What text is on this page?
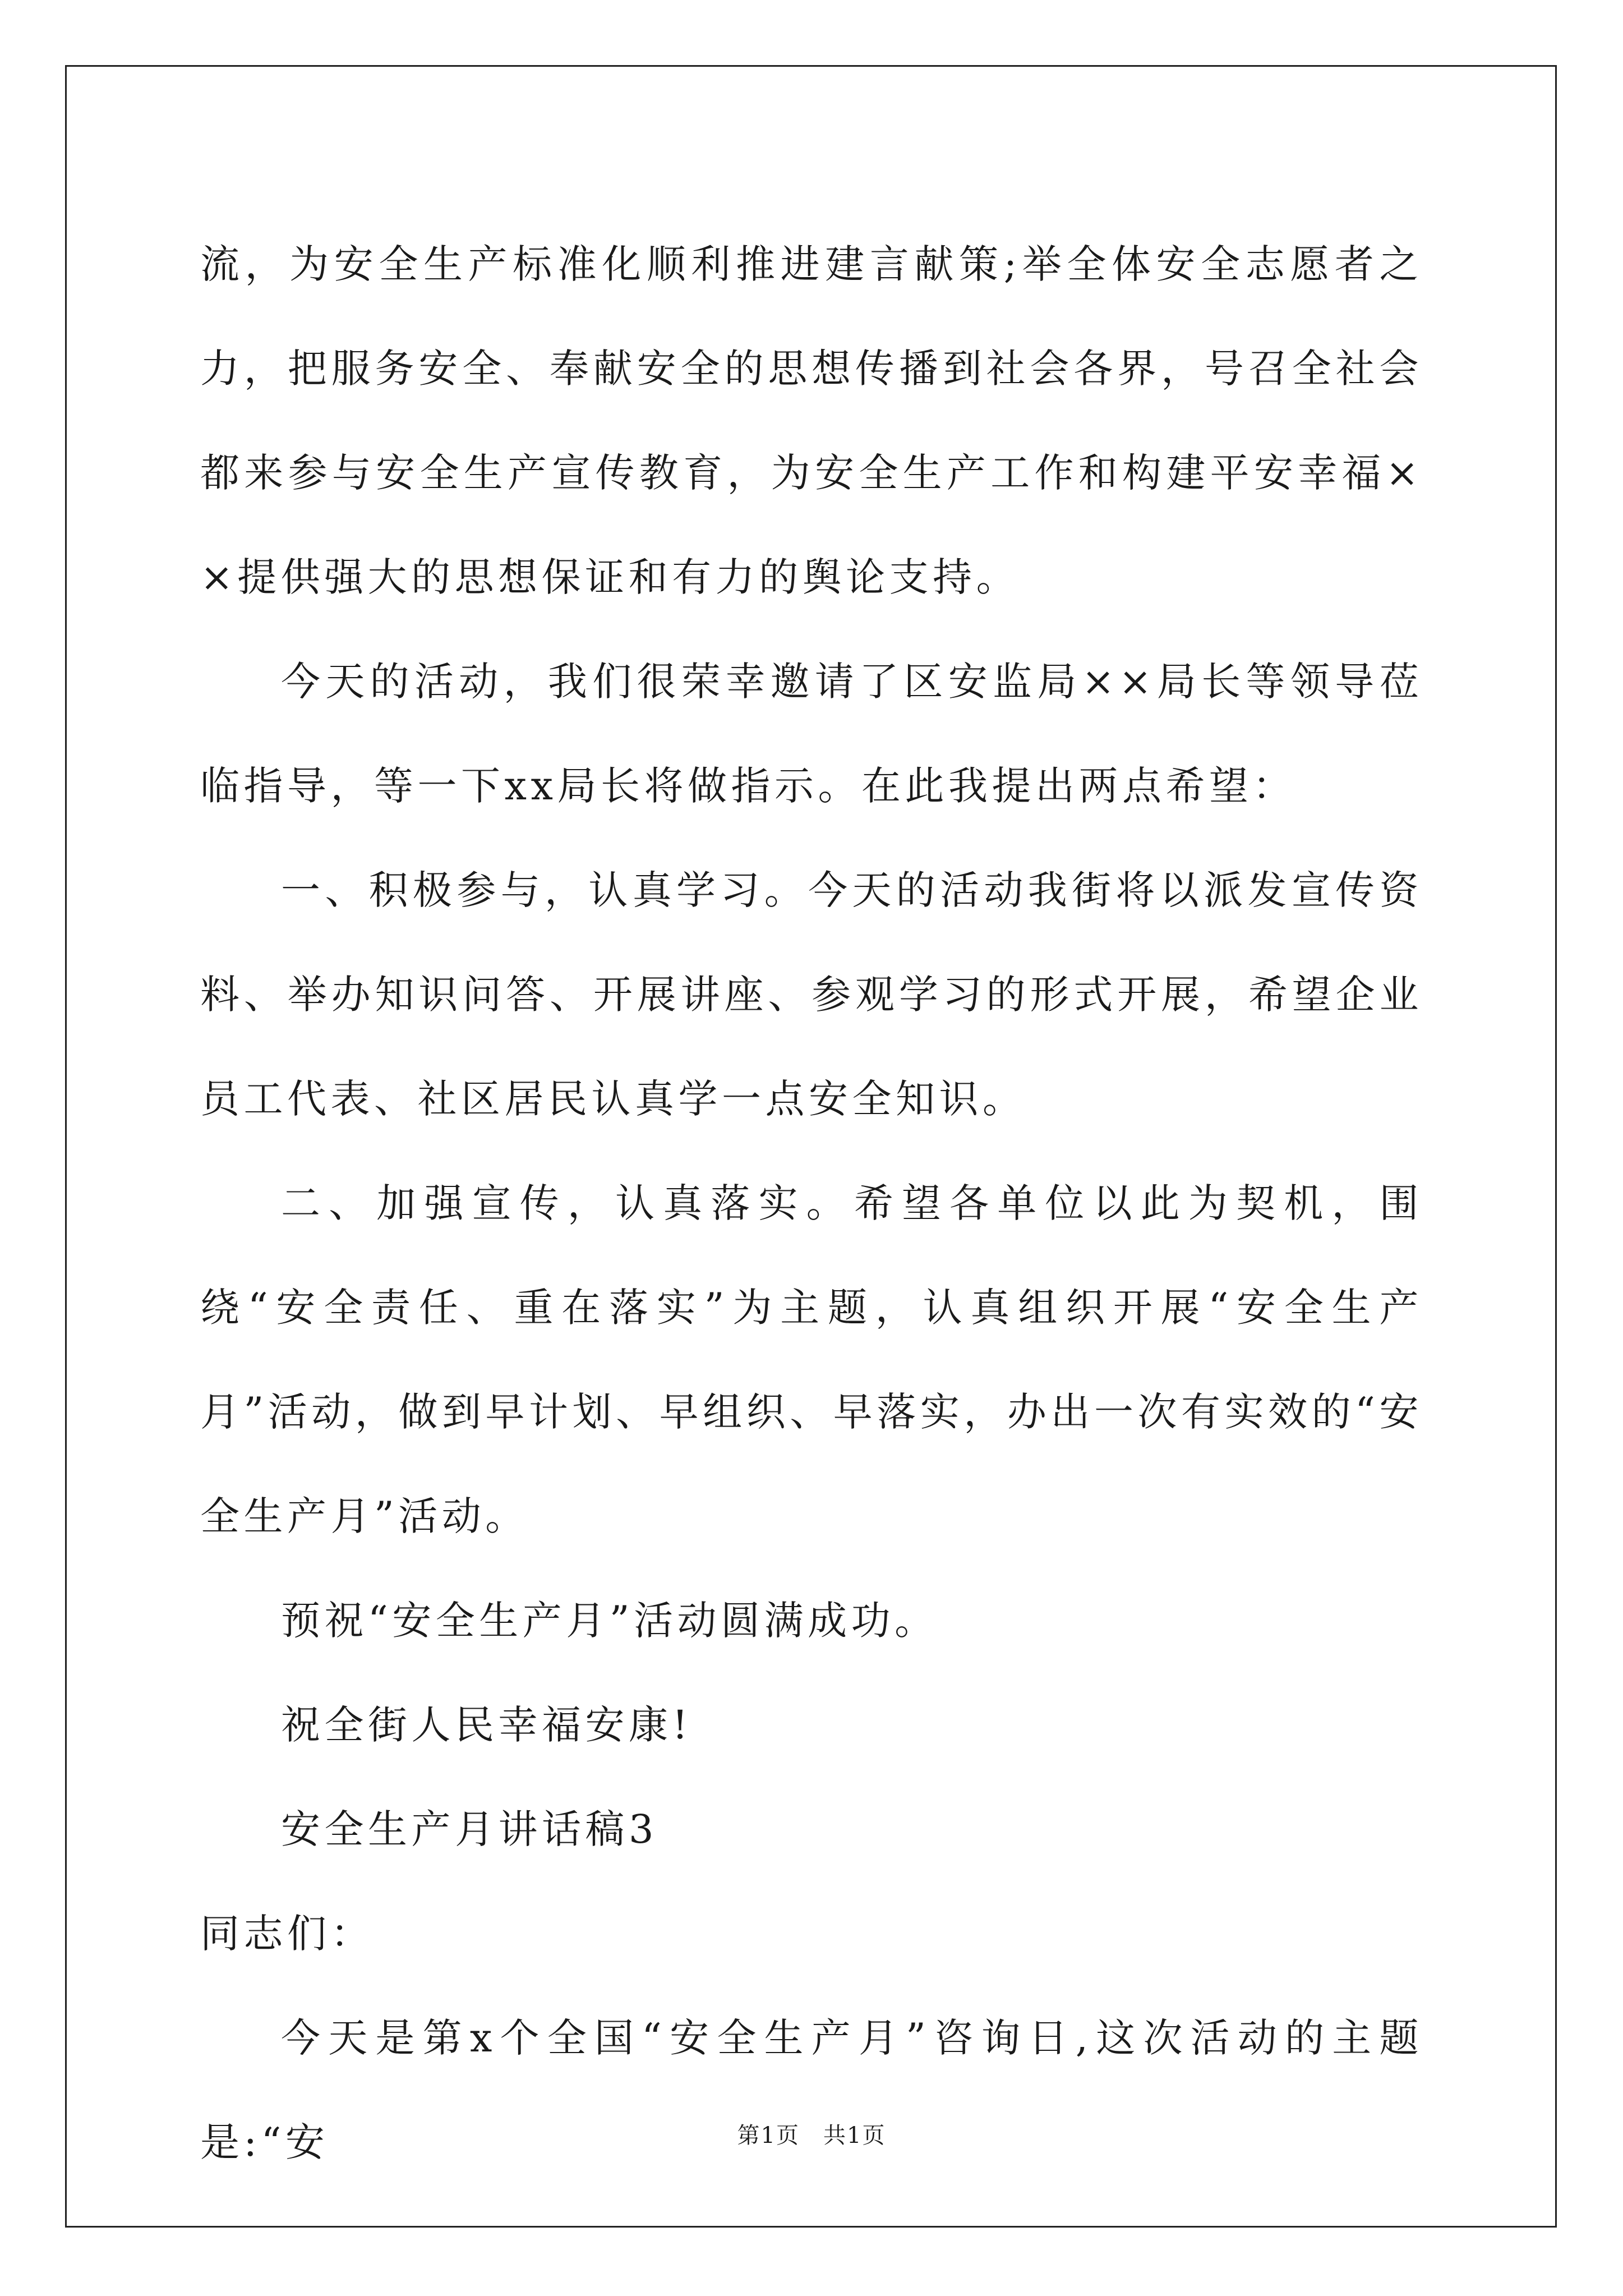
流，为安全生产标准化顺利推进建言献策;举全体安全志愿者之力，把服务安全、奉献安全的思想传播到社会各界，号召全社会都来参与安全生产宣传教育，为安全生产工作和构建平安幸福××提供强大的思想保证和有力的舆论支持。

今天的活动，我们很荣幸邀请了区安监局××局长等领导莅临指导，等一下xx局长将做指示。在此我提出两点希望：

一、积极参与，认真学习。今天的活动我街将以派发宣传资料、举办知识问答、开展讲座、参观学习的形式开展，希望企业员工代表、社区居民认真学一点安全知识。

二、加强宣传，认真落实。希望各单位以此为契机，围绕“安全责任、重在落实”为主题，认真组织开展“安全生产月”活动，做到早计划、早组织、早落实，办出一次有实效的“安全生产月”活动。

预祝“安全生产月”活动圆满成功。

祝全街人民幸福安康!

安全生产月讲话稿3

同志们：

今天是第x个全国“安全生产月”咨询日,这次活动的主题是:“安	第1页　共1页
